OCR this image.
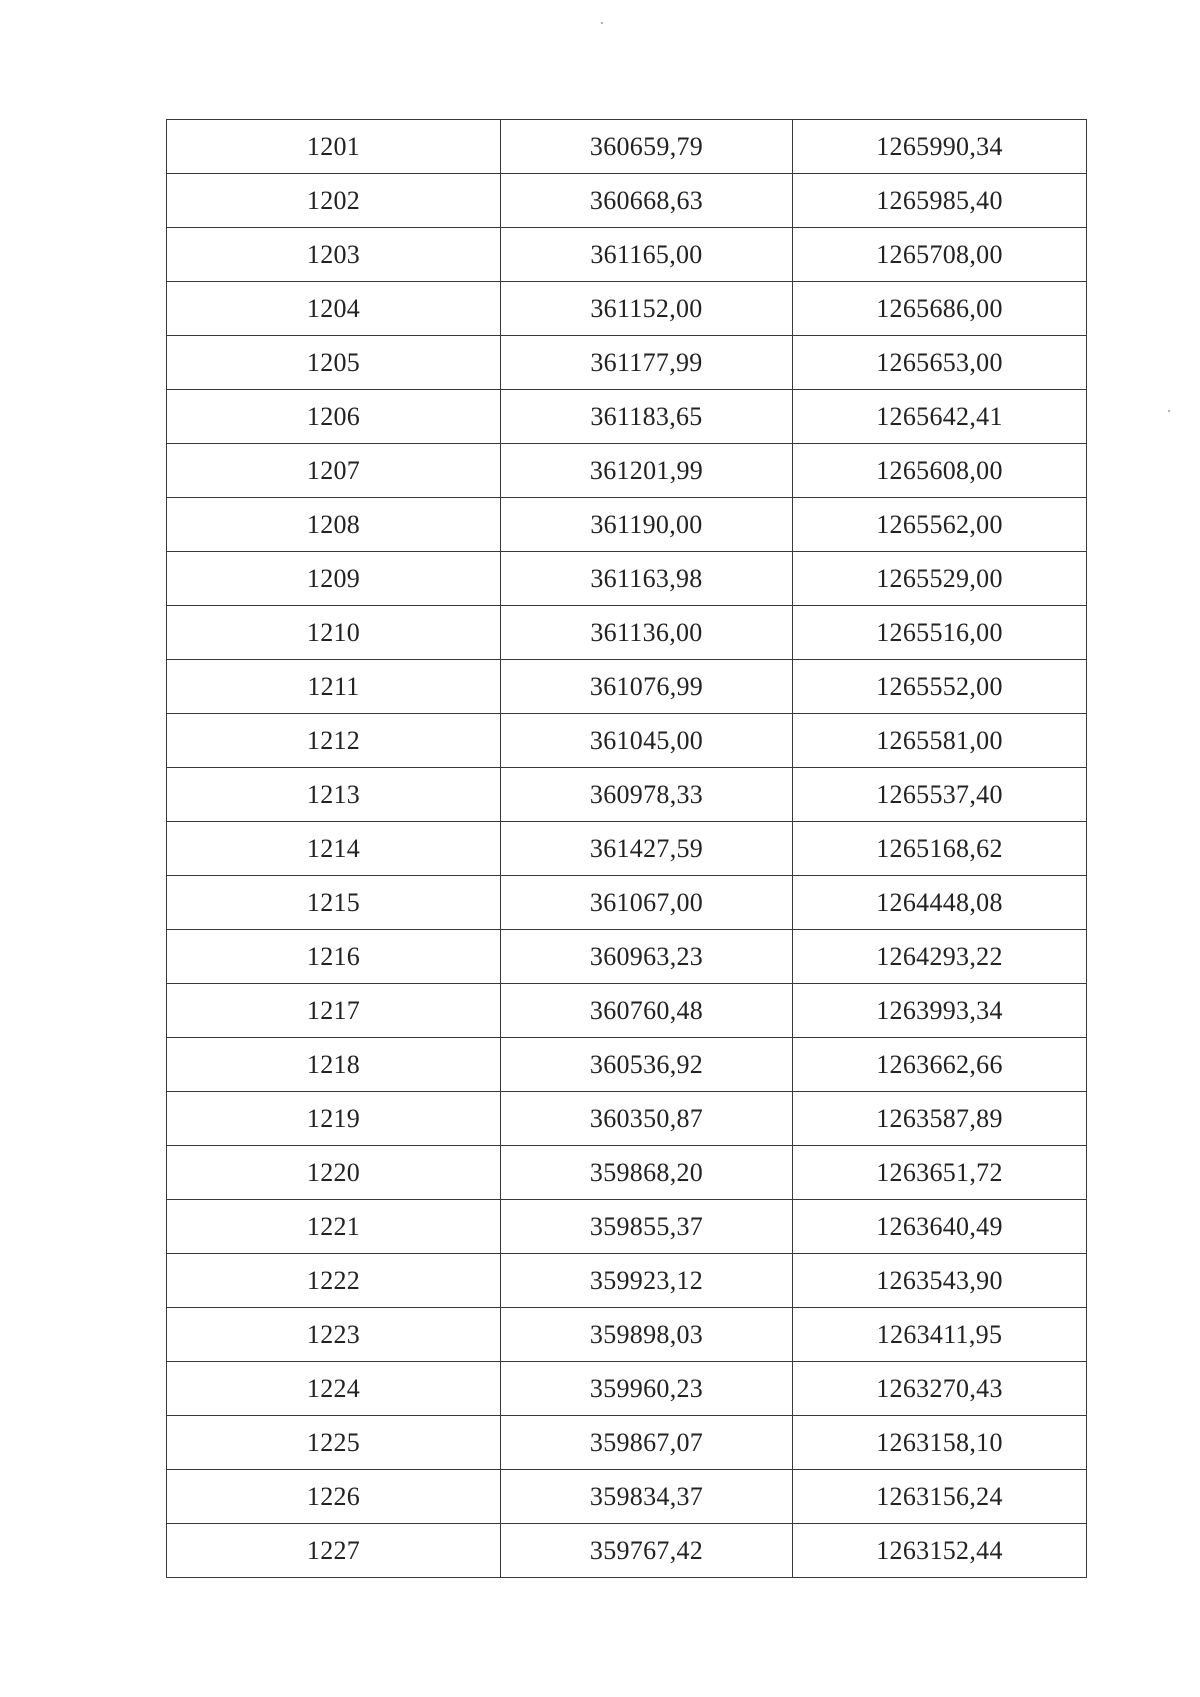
1201	360659,79	1265990,34
1202	360668,63	1265985,40
1203	361165,00	1265708,00
1204	361152,00	1265686,00
1205	361177,99	1265653,00
1206	361183,65	1265642,41
1207	361201,99	1265608,00
1208	361190,00	1265562,00
1209	361163,98	1265529,00
1210	361136,00	1265516,00
1211	361076,99	1265552,00
1212	361045,00	1265581,00
1213	360978,33	1265537,40
1214	361427,59	1265168,62
1215	361067,00	1264448,08
1216	360963,23	1264293,22
1217	360760,48	1263993,34
1218	360536,92	1263662,66
1219	360350,87	1263587,89
1220	359868,20	1263651,72
1221	359855,37	1263640,49
1222	359923,12	1263543,90
1223	359898,03	1263411,95
1224	359960,23	1263270,43
1225	359867,07	1263158,10
1226	359834,37	1263156,24
1227	359767,42	1263152,44
